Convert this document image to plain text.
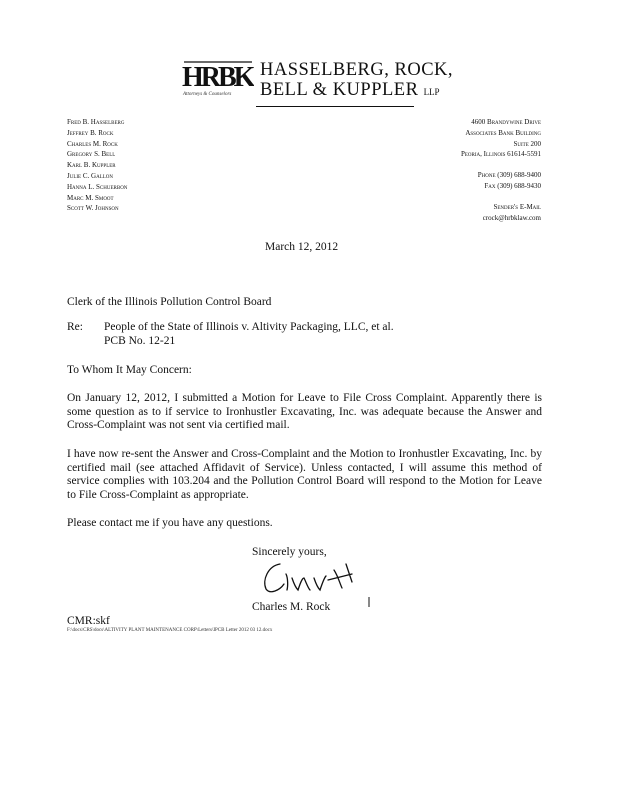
HRBK
Attorneys & Counselors
HASSELBERG, ROCK,
BELL & KUPPLER LLP
Fred B. Hasselberg
Jeffrey B. Rock
Charles M. Rock
Gregory S. Bell
Karl B. Kuppler
Julie C. Gallon
Hanna L. Schuerbon
Marc M. Smoot
Scott W. Johnson
4600 Brandywine Drive
Associates Bank Building
Suite 200
Peoria, Illinois 61614-5591
Phone (309) 688-9400
Fax (309) 688-9430
Sender's E-Mail
crock@hrbklaw.com
March 12, 2012
Clerk of the Illinois Pollution Control Board
Re: People of the State of Illinois v. Altivity Packaging, LLC, et al.
PCB No. 12-21
To Whom It May Concern:
On January 12, 2012, I submitted a Motion for Leave to File Cross Complaint. Apparently there is some question as to if service to Ironhustler Excavating, Inc. was adequate because the Answer and Cross-Complaint was not sent via certified mail.
I have now re-sent the Answer and Cross-Complaint and the Motion to Ironhustler Excavating, Inc. by certified mail (see attached Affidavit of Service). Unless contacted, I will assume this method of service complies with 103.204 and the Pollution Control Board will respond to the Motion for Leave to File Cross-Complaint as appropriate.
Please contact me if you have any questions.
Sincerely yours,
Charles M. Rock
CMR:skf
F:\docs\CRS\docs\ALTIVITY PLANT MAINTENANCE CORP\Letters\IPCB Letter 2012 03 12.docx
